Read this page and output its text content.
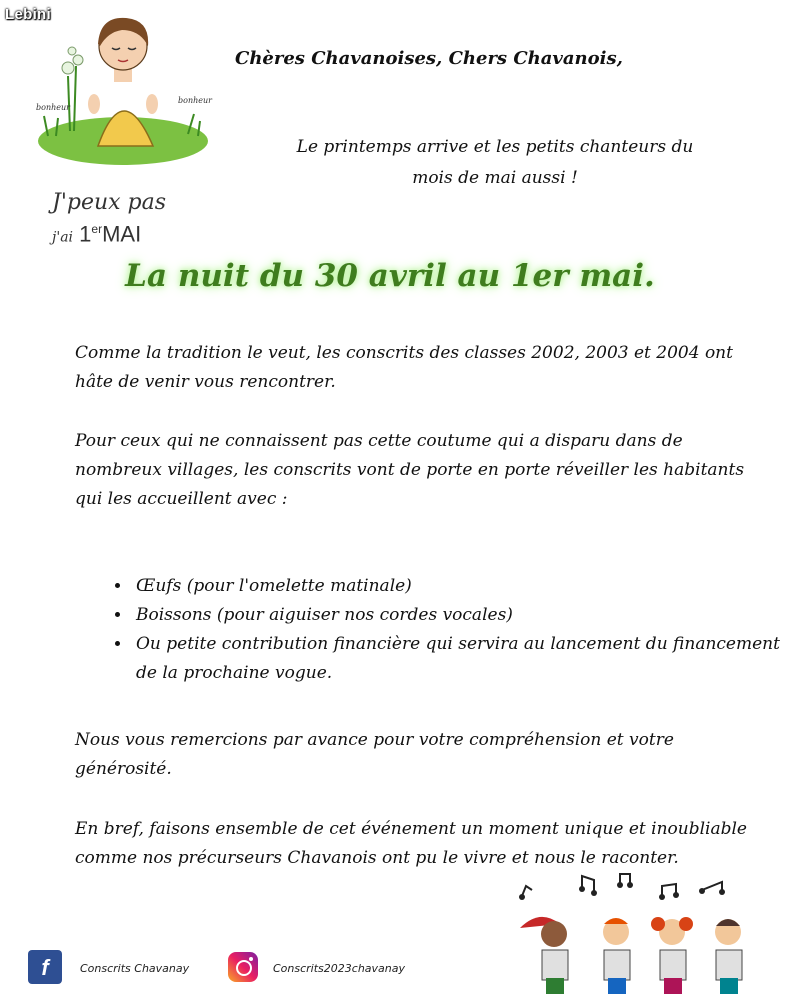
Lebini
bonheur
bonheur
J'peux pas
j'ai 1erMAI
Chères Chavanoises, Chers Chavanois,
Le printemps arrive et les petits chanteurs du
mois de mai aussi !
La nuit du 30 avril au 1er mai.
Comme la tradition le veut, les conscrits des classes 2002, 2003 et 2004 ont hâte de venir vous rencontrer.
Pour ceux qui ne connaissent pas cette coutume qui a disparu dans de nombreux villages, les conscrits vont de porte en porte réveiller les habitants qui les accueillent avec :
• Œufs (pour l'omelette matinale)
• Boissons (pour aiguiser nos cordes vocales)
• Ou petite contribution financière qui servira au lancement du financement de la prochaine vogue.
Nous vous remercions par avance pour votre compréhension et votre générosité.
En bref, faisons ensemble de cet événement un moment unique et inoubliable comme nos précurseurs Chavanois ont pu le vivre et nous le raconter.
f	Conscrits Chavanay	Conscrits2023chavanay
